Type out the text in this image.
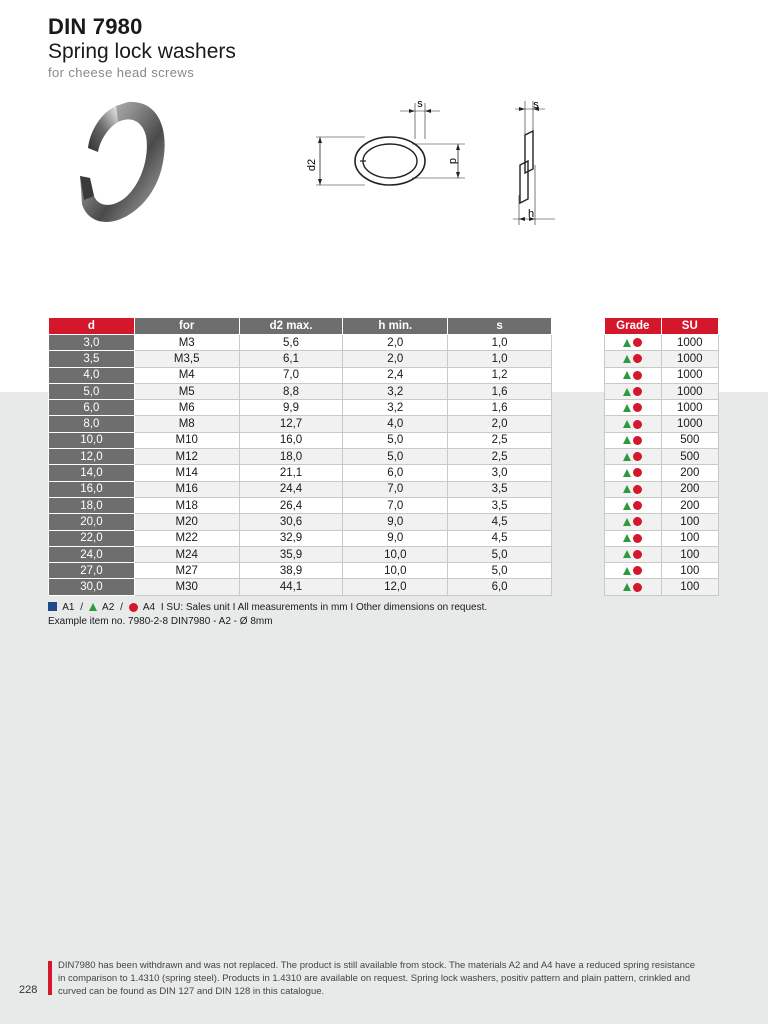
DIN 7980
Spring lock washers
for cheese head screws
d2
s
d
s
h
d	for	d2 max.	h min.	s
3,0	M3	5,6	2,0	1,0
3,5	M3,5	6,1	2,0	1,0
4,0	M4	7,0	2,4	1,2
5,0	M5	8,8	3,2	1,6
6,0	M6	9,9	3,2	1,6
8,0	M8	12,7	4,0	2,0
10,0	M10	16,0	5,0	2,5
12,0	M12	18,0	5,0	2,5
14,0	M14	21,1	6,0	3,0
16,0	M16	24,4	7,0	3,5
18,0	M18	26,4	7,0	3,5
20,0	M20	30,6	9,0	4,5
22,0	M22	32,9	9,0	4,5
24,0	M24	35,9	10,0	5,0
27,0	M27	38,9	10,0	5,0
30,0	M30	44,1	12,0	6,0
Grade	SU
	1000
	1000
	1000
	1000
	1000
	1000
	500
	500
	200
	200
	200
	100
	100
	100
	100
	100
A1 / A2 / A4 I SU: Sales unit I All measurements in mm I Other dimensions on request.
Example item no. 7980-2-8 DIN7980 - A2 - Ø 8mm
DIN7980 has been withdrawn and was not replaced. The product is still available from stock. The materials A2 and A4 have a reduced spring resistance in comparison to 1.4310 (spring steel). Products in 1.4310 are available on request. Spring lock washers, positiv pattern and plain pattern, crinkled and curved can be found as DIN 127 and DIN 128 in this catalogue.
228
